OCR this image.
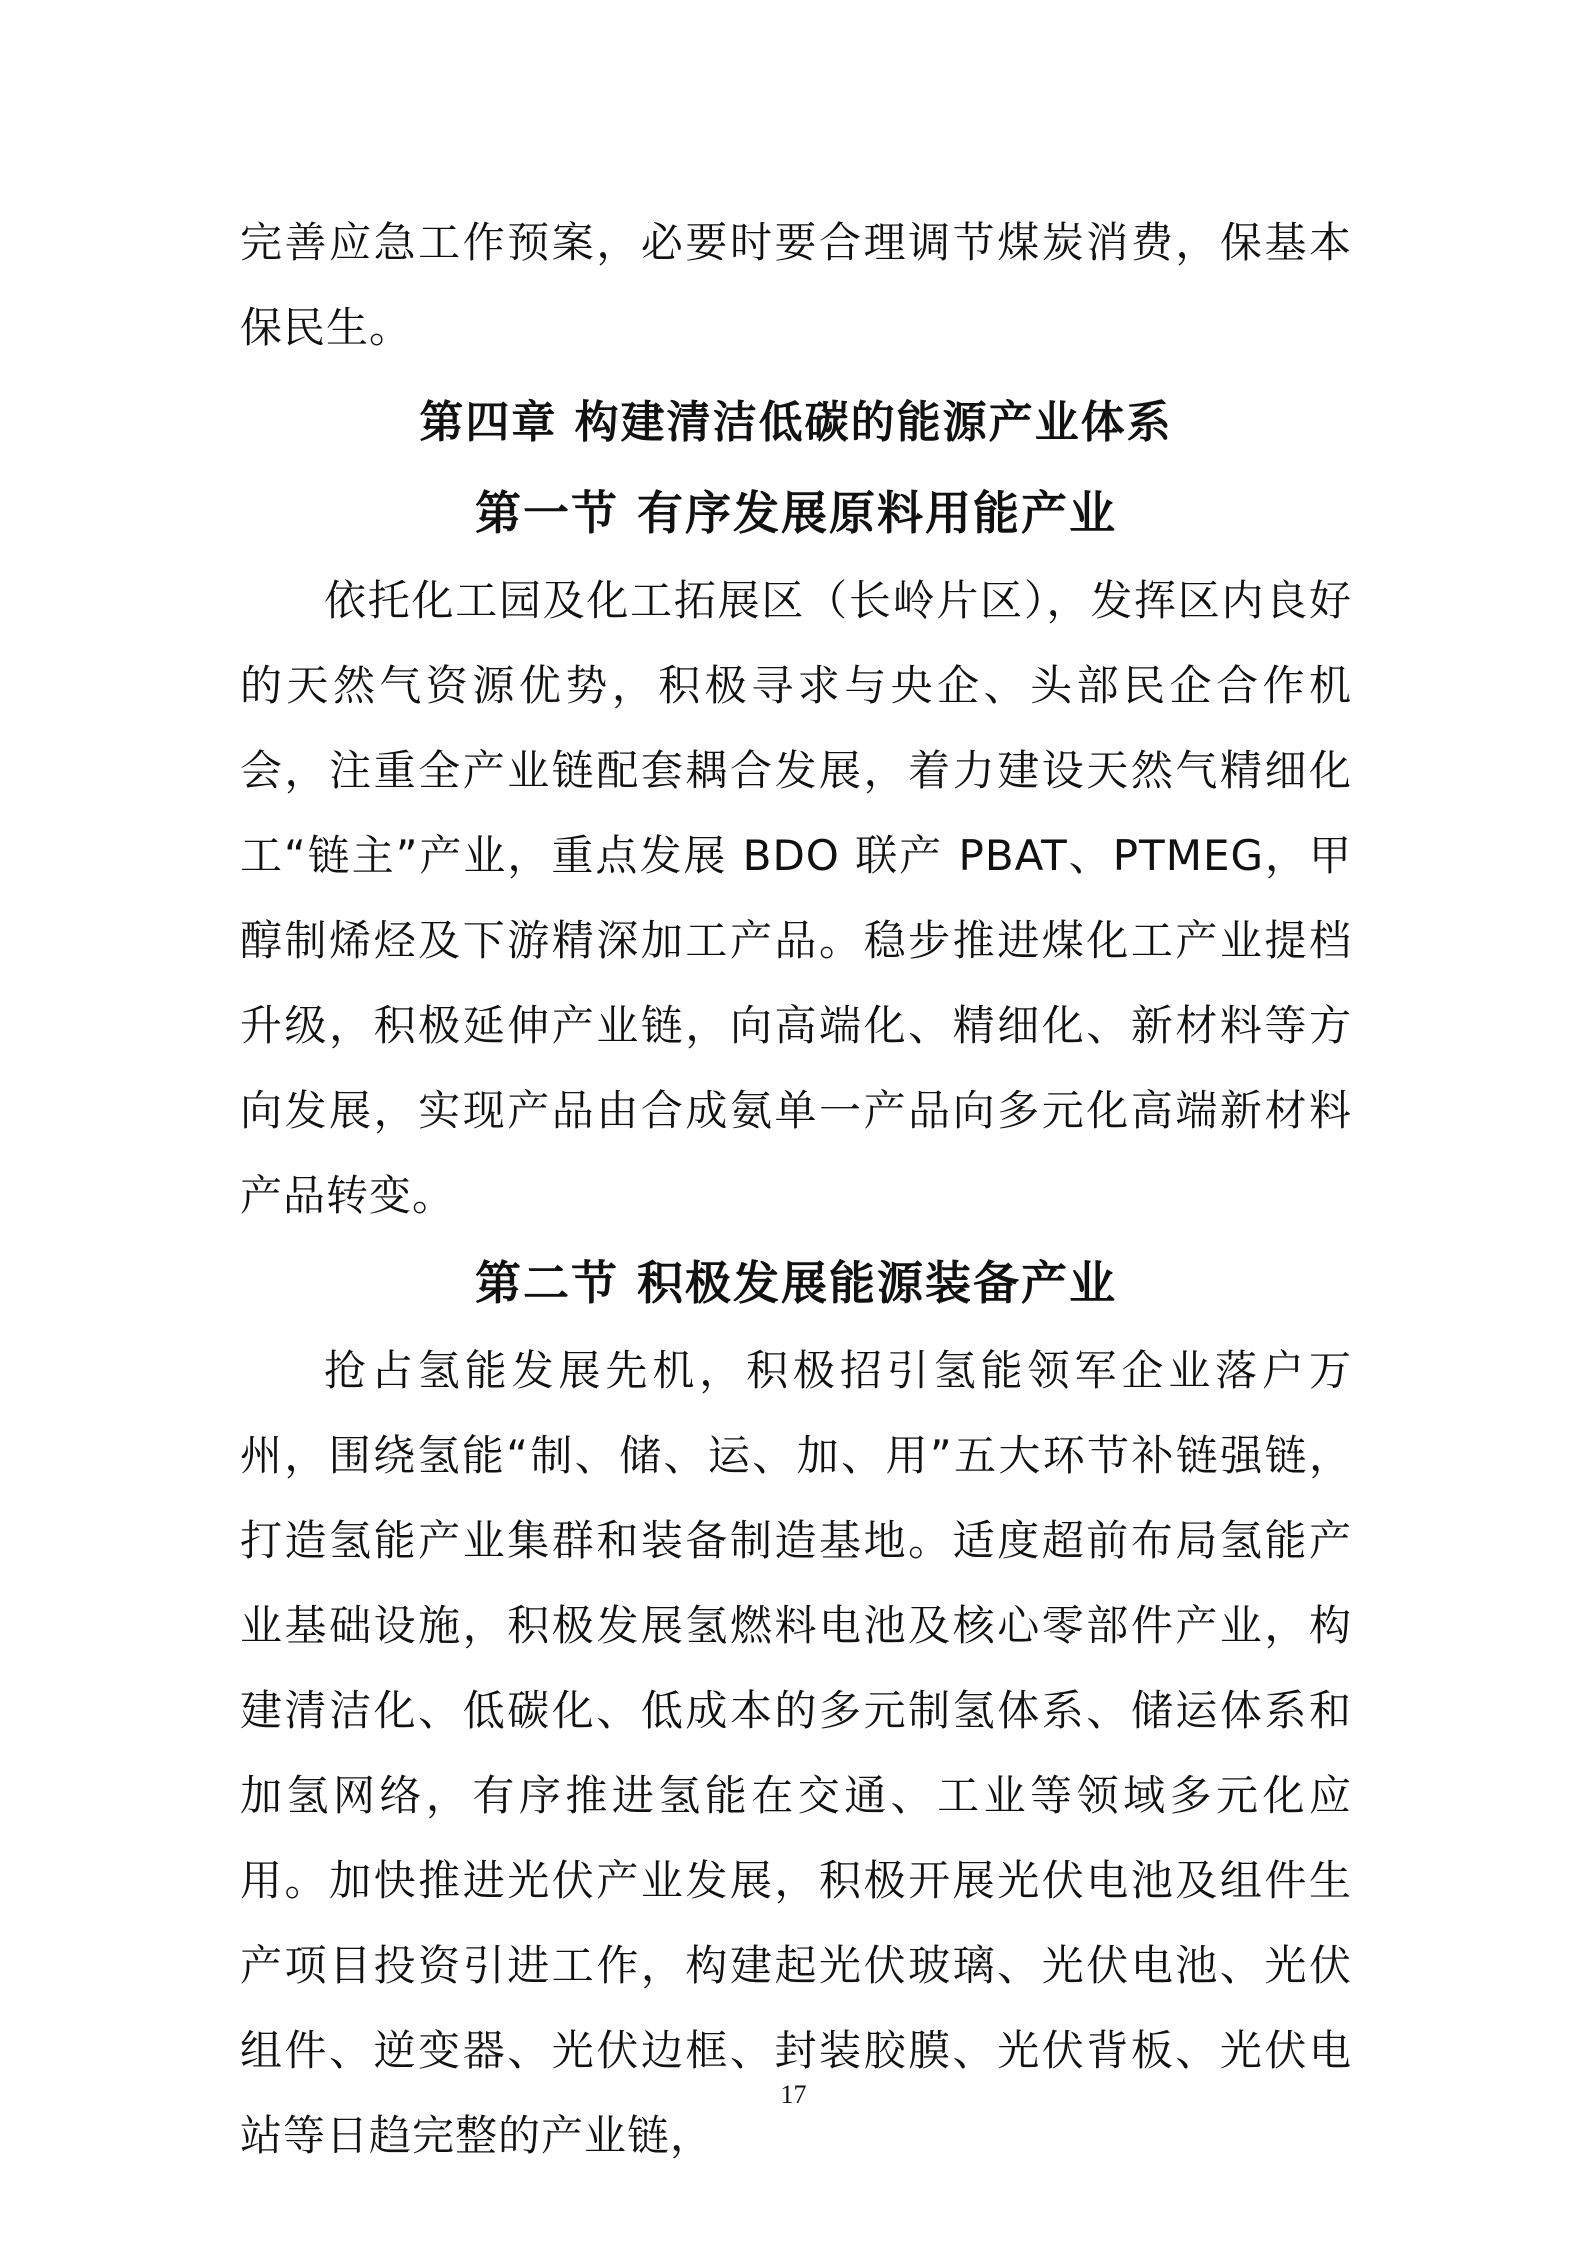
完善应急工作预案，必要时要合理调节煤炭消费，保基本保民生。

第四章 构建清洁低碳的能源产业体系
第一节 有序发展原料用能产业

依托化工园及化工拓展区（长岭片区），发挥区内良好的天然气资源优势，积极寻求与央企、头部民企合作机会，注重全产业链配套耦合发展，着力建设天然气精细化工“链主”产业，重点发展 BDO 联产 PBAT、PTMEG，甲醇制烯烃及下游精深加工产品。稳步推进煤化工产业提档升级，积极延伸产业链，向高端化、精细化、新材料等方向发展，实现产品由合成氨单一产品向多元化高端新材料产品转变。

第二节 积极发展能源装备产业

抢占氢能发展先机，积极招引氢能领军企业落户万州，围绕氢能“制、储、运、加、用”五大环节补链强链，打造氢能产业集群和装备制造基地。适度超前布局氢能产业基础设施，积极发展氢燃料电池及核心零部件产业，构建清洁化、低碳化、低成本的多元制氢体系、储运体系和加氢网络，有序推进氢能在交通、工业等领域多元化应用。加快推进光伏产业发展，积极开展光伏电池及组件生产项目投资引进工作，构建起光伏玻璃、光伏电池、光伏组件、逆变器、光伏边框、封装胶膜、光伏背板、光伏电站等日趋完整的产业链，

17
